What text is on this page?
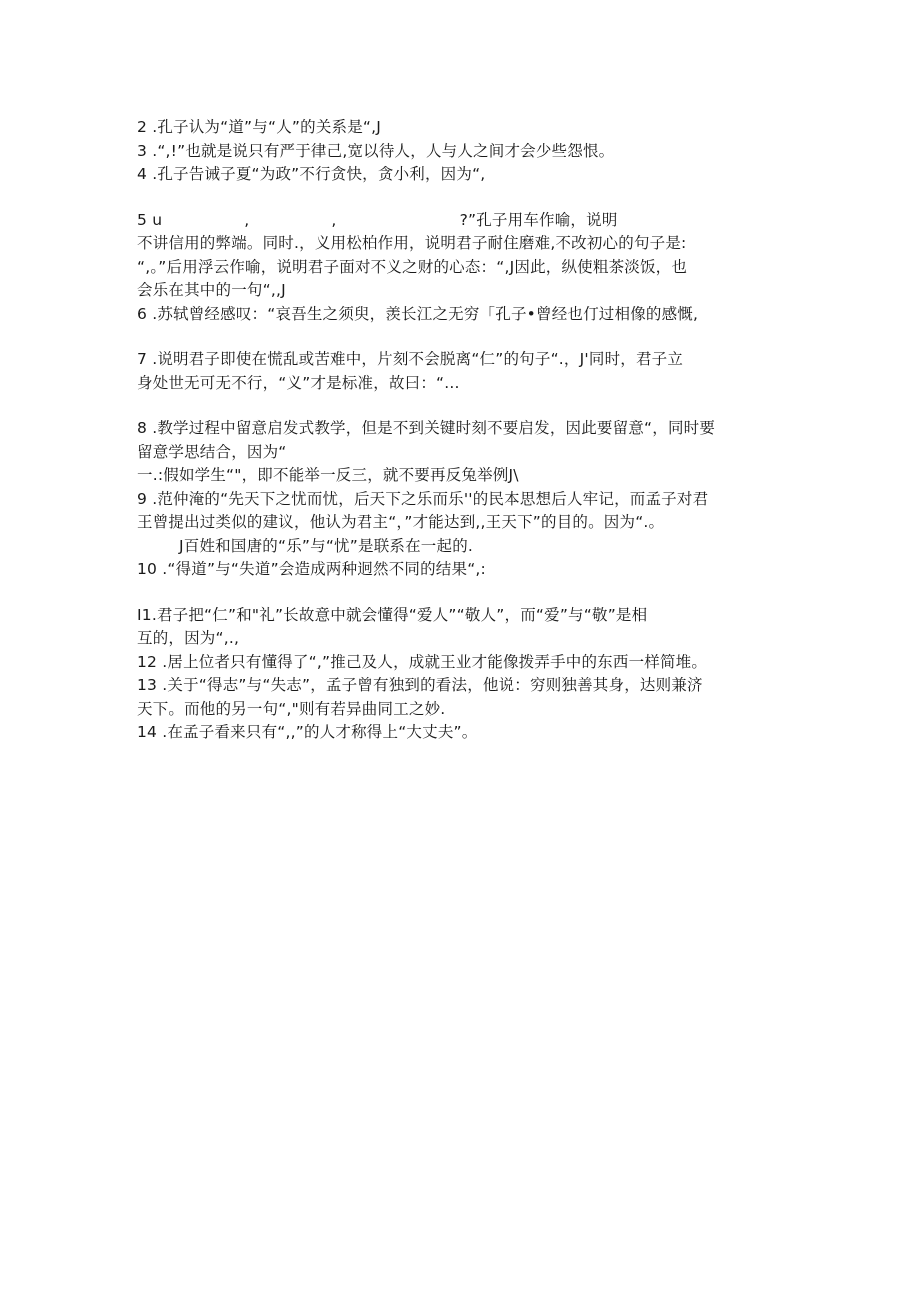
2 .孔子认为“道”与“人”的关系是“,J
3 .“,!”也就是说只有严于律己,宽以待人，人与人之间才会少些怨恨。
4 .孔子告诫子夏“为政”不行贪快，贪小利，因为“,
5 u                ,                ,                        ?”孔子用车作喻，说明
不讲信用的弊端。同时.，义用松柏作用，说明君子耐住磨难,不改初心的句子是:
“,。”后用浮云作喻，说明君子面对不义之财的心态：“,J因此，纵使粗茶淡饭，也
会乐在其中的一句“,,J
6 .苏轼曾经感叹：“哀吾生之须臾，羡长江之无穷「孔子•曾经也仃过相像的感慨,
7 .说明君子即使在慌乱或苦难中，片刻不会脱离“仁”的句子“.，J'同时，君子立
身处世无可无不行，“义”才是标准，故曰：“...
8 .教学过程中留意启发式教学，但是不到关键时刻不要启发，因此要留意“，同时要
留意学思结合，因为“
一.:假如学生“"，即不能举一反三，就不要再反兔举例J\
9 .范仲淹的“先天下之忧而忧，后天下之乐而乐''的民本思想后人牢记，而孟子对君
王曾提出过类似的建议，他认为君主“，”才能达到,,王天下”的目的。因为“.。
J百姓和国唐的“乐”与“忧”是联系在一起的.
10 .“得道”与“失道”会造成两种迥然不同的结果“,:
I1.君子把“仁”和"礼”长故意中就会懂得“爱人”“敬人”，而“爱”与“敬”是相
互的，因为“,.,
12 .居上位者只有懂得了“,”推己及人，成就王业才能像拨弄手中的东西一样简堆。
13 .关于“得志”与“失志”，孟子曾有独到的看法，他说：穷则独善其身，达则兼济
天下。而他的另一句“,"则有若异曲同工之妙.
14 .在孟子看来只有“,,”的人才称得上“大丈夫”。
